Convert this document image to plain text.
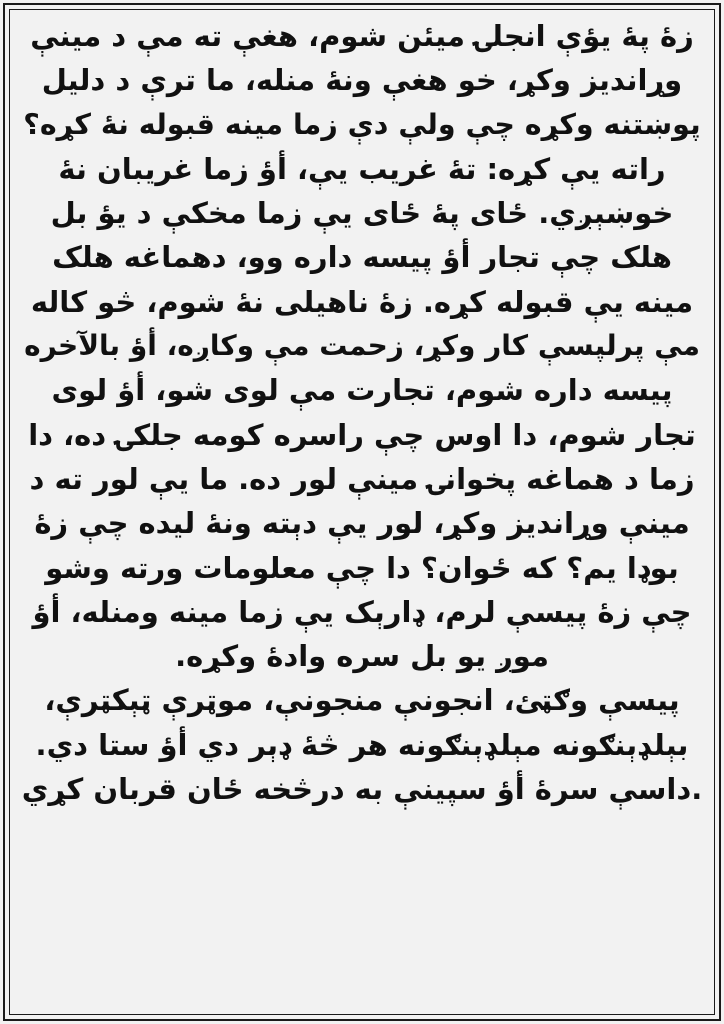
زۀ پۀ يؤې انجلۍ ميئن شوم، هغې ته مې د مينې
وړانديز وکړ، خو هغې ونۀ منله، ما ترې د دليل
پوښتنه وکړه چې ولې دې زما مينه قبوله نۀ کړه؟
راته يې کړه: تۀ غريب يې، أؤ زما غريبان نۀ
خوښېږي. ځای پۀ ځای يې زما مخکې د يؤ بل
هلک چې تجار أؤ پيسه داره وو، دهماغه هلک
مينه يې قبوله کړه. زۀ ناهيلی نۀ شوم، څو کاله
مې پرلپسې کار وکړ، زحمت مې وکاږه، أؤ بالآخره
پيسه داره شوم، تجارت مې لوی شو، أؤ لوی
تجار شوم، دا اوس چې راسره کومه جلکۍ ده، دا
زما د هماغه پخوانۍ مينې لور ده. ما يې لور ته د
مينې وړانديز وکړ، لور يې دېته ونۀ ليده چې زۀ
بوډا يم؟ که ځوان؟ دا چې معلومات ورته وشو
چې زۀ پيسې لرم، ډارېک يې زما مينه ومنله، أؤ
موږ يو بل سره وادۀ وکړه.
پيسې وګټئ، انجونې منجونې، موټرې ټېکټرې،
بېلډېنګونه مېلډېنګونه هر څۀ ډېر دي أؤ ستا دي.
.داسې سرۀ أؤ سپينې به درڅخه ځان قربان کړي
